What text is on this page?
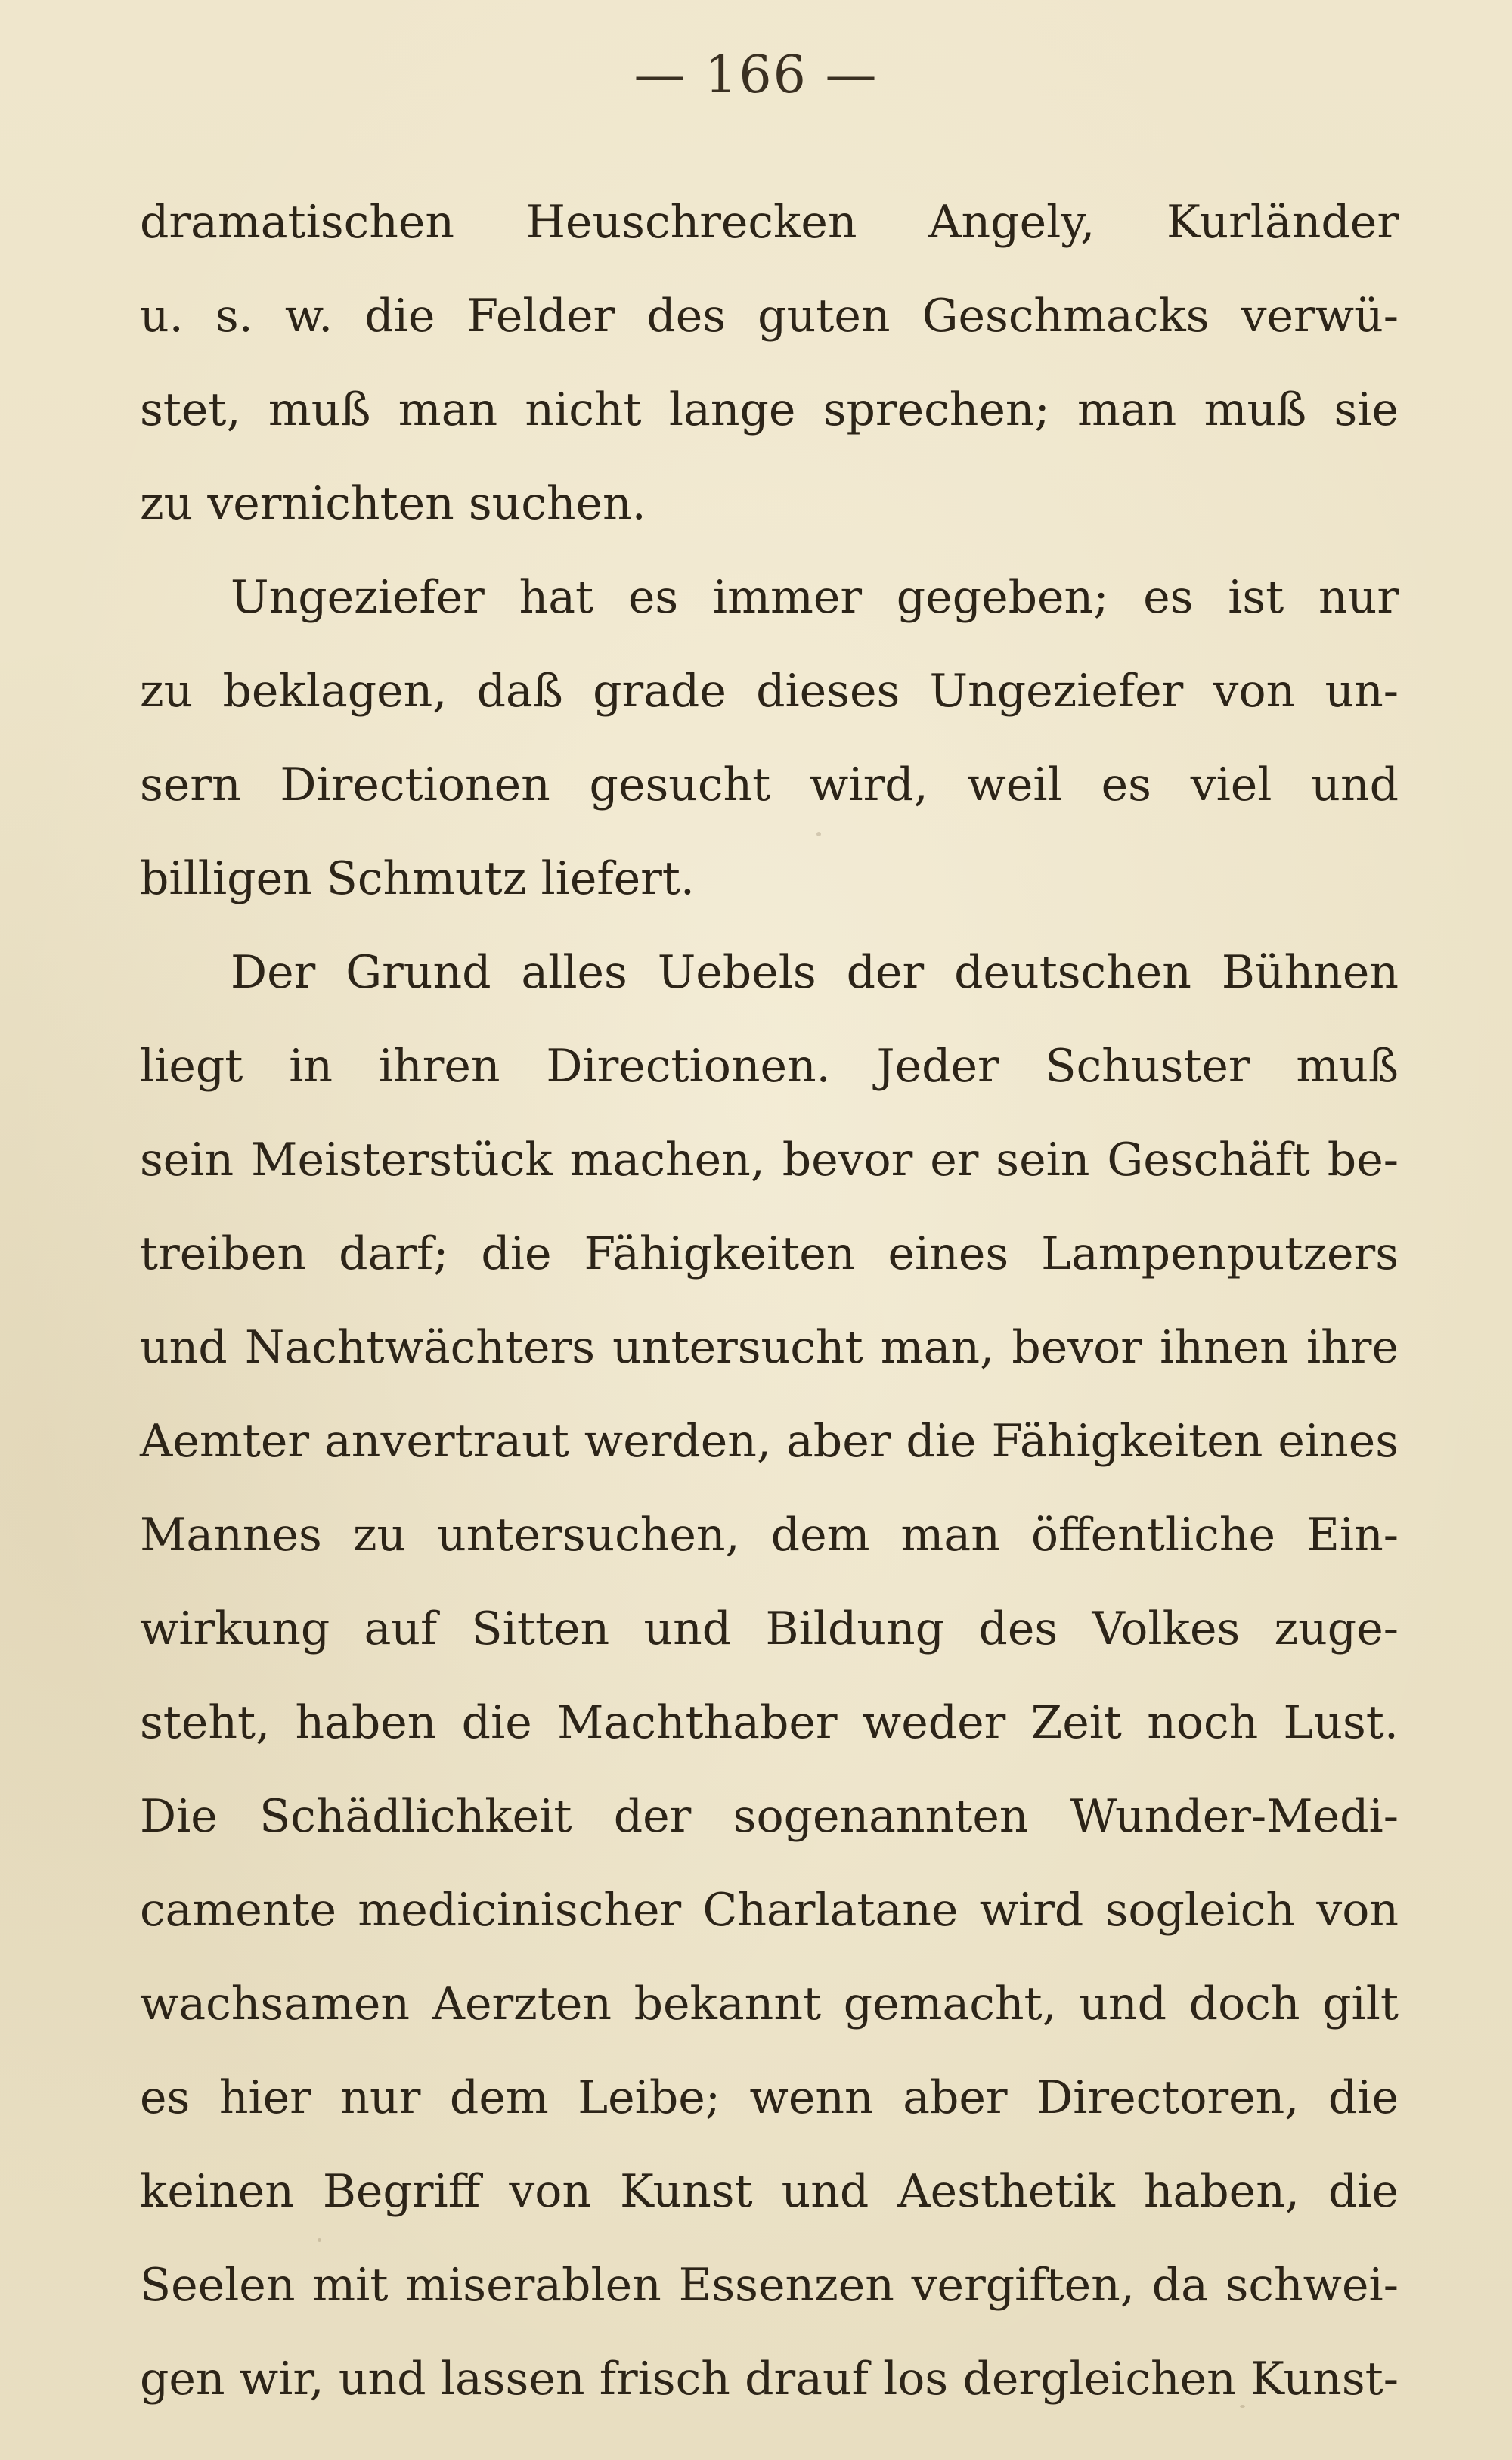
— 166 —
dramatischen Heuschrecken Angely, Kurländer
u. s. w. die Felder des guten Geschmacks verwü-
stet, muß man nicht lange sprechen; man muß sie
zu vernichten suchen.
Ungeziefer hat es immer gegeben; es ist nur
zu beklagen, daß grade dieses Ungeziefer von un-
sern Directionen gesucht wird, weil es viel und
billigen Schmutz liefert.
Der Grund alles Uebels der deutschen Bühnen
liegt in ihren Directionen. Jeder Schuster muß
sein Meisterstück machen, bevor er sein Geschäft be-
treiben darf; die Fähigkeiten eines Lampenputzers
und Nachtwächters untersucht man, bevor ihnen ihre
Aemter anvertraut werden, aber die Fähigkeiten eines
Mannes zu untersuchen, dem man öffentliche Ein-
wirkung auf Sitten und Bildung des Volkes zuge-
steht, haben die Machthaber weder Zeit noch Lust.
Die Schädlichkeit der sogenannten Wunder-Medi-
camente medicinischer Charlatane wird sogleich von
wachsamen Aerzten bekannt gemacht, und doch gilt
es hier nur dem Leibe; wenn aber Directoren, die
keinen Begriff von Kunst und Aesthetik haben, die
Seelen mit miserablen Essenzen vergiften, da schwei-
gen wir, und lassen frisch drauf los dergleichen Kunst-
